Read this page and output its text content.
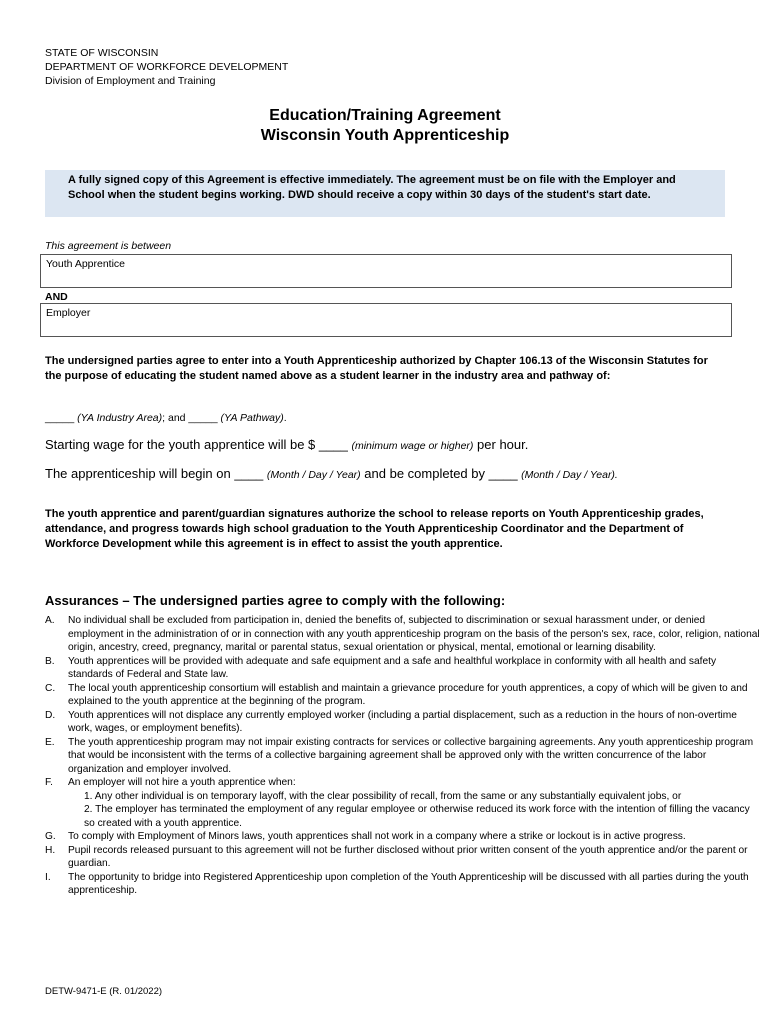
STATE OF WISCONSIN
DEPARTMENT OF WORKFORCE DEVELOPMENT
Division of Employment and Training
Education/Training Agreement
Wisconsin Youth Apprenticeship
A fully signed copy of this Agreement is effective immediately. The agreement must be on file with the Employer and School when the student begins working. DWD should receive a copy within 30 days of the student's start date.
This agreement is between
Youth Apprentice
AND
Employer
The undersigned parties agree to enter into a Youth Apprenticeship authorized by Chapter 106.13 of the Wisconsin Statutes for the purpose of educating the student named above as a student learner in the industry area and pathway of:
_____ (YA Industry Area); and _____ (YA Pathway).
Starting wage for the youth apprentice will be $ ____ (minimum wage or higher) per hour.
The apprenticeship will begin on ____ (Month / Day / Year) and be completed by ____ (Month / Day / Year).
The youth apprentice and parent/guardian signatures authorize the school to release reports on Youth Apprenticeship grades, attendance, and progress towards high school graduation to the Youth Apprenticeship Coordinator and the Department of Workforce Development while this agreement is in effect to assist the youth apprentice.
Assurances – The undersigned parties agree to comply with the following:
A. No individual shall be excluded from participation in, denied the benefits of, subjected to discrimination or sexual harassment under, or denied employment in the administration of or in connection with any youth apprenticeship program on the basis of the person's sex, race, color, religion, national origin, ancestry, creed, pregnancy, marital or parental status, sexual orientation or physical, mental, emotional or learning disability.
B. Youth apprentices will be provided with adequate and safe equipment and a safe and healthful workplace in conformity with all health and safety standards of Federal and State law.
C. The local youth apprenticeship consortium will establish and maintain a grievance procedure for youth apprentices, a copy of which will be given to and explained to the youth apprentice at the beginning of the program.
D. Youth apprentices will not displace any currently employed worker (including a partial displacement, such as a reduction in the hours of non-overtime work, wages, or employment benefits).
E. The youth apprenticeship program may not impair existing contracts for services or collective bargaining agreements. Any youth apprenticeship program that would be inconsistent with the terms of a collective bargaining agreement shall be approved only with the written concurrence of the labor organization and employer involved.
F. An employer will not hire a youth apprentice when:
1. Any other individual is on temporary layoff, with the clear possibility of recall, from the same or any substantially equivalent jobs, or
2. The employer has terminated the employment of any regular employee or otherwise reduced its work force with the intention of filling the vacancy so created with a youth apprentice.
G. To comply with Employment of Minors laws, youth apprentices shall not work in a company where a strike or lockout is in active progress.
H. Pupil records released pursuant to this agreement will not be further disclosed without prior written consent of the youth apprentice and/or the parent or guardian.
I. The opportunity to bridge into Registered Apprenticeship upon completion of the Youth Apprenticeship will be discussed with all parties during the youth apprenticeship.
DETW-9471-E (R. 01/2022)
